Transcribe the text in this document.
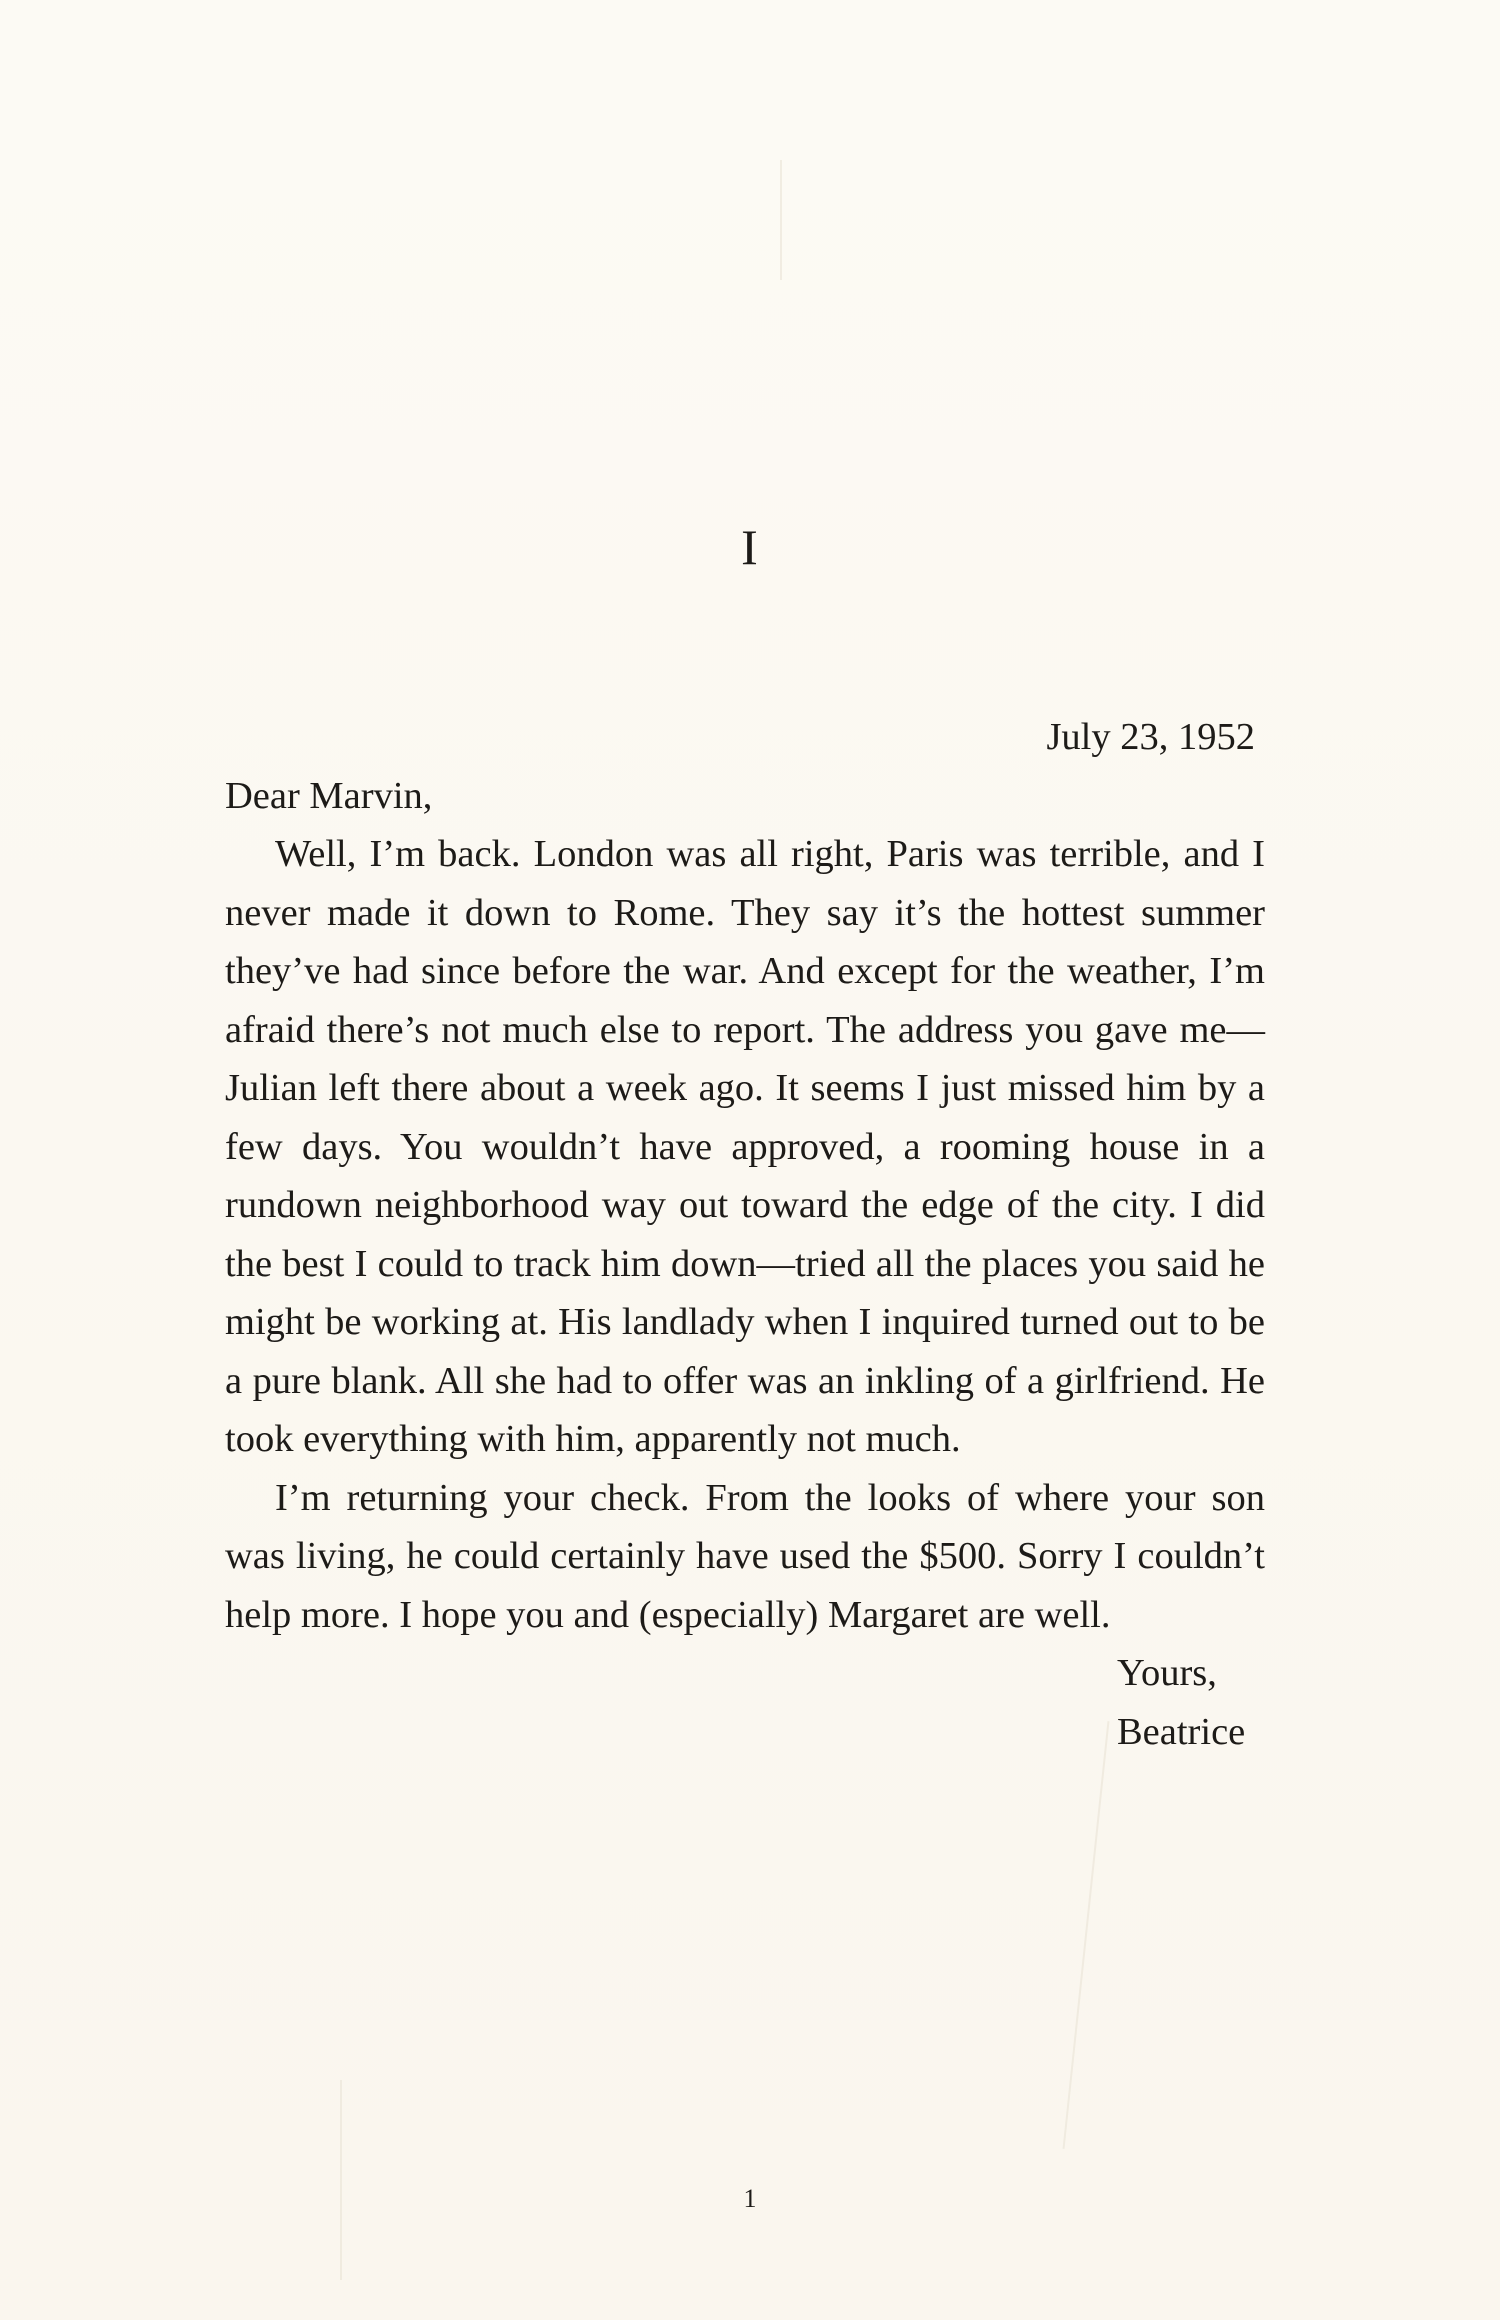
I

July 23, 1952

Dear Marvin,

Well, I’m back. London was all right, Paris was terrible, and I never made it down to Rome. They say it’s the hottest summer they’ve had since before the war. And except for the weather, I’m afraid there’s not much else to report. The address you gave me—Julian left there about a week ago. It seems I just missed him by a few days. You wouldn’t have approved, a rooming house in a rundown neighborhood way out toward the edge of the city. I did the best I could to track him down—tried all the places you said he might be working at. His landlady when I inquired turned out to be a pure blank. All she had to offer was an inkling of a girlfriend. He took everything with him, apparently not much.

I’m returning your check. From the looks of where your son was living, he could certainly have used the $500. Sorry I couldn’t help more. I hope you and (especially) Margaret are well.

Yours,

Beatrice

1
